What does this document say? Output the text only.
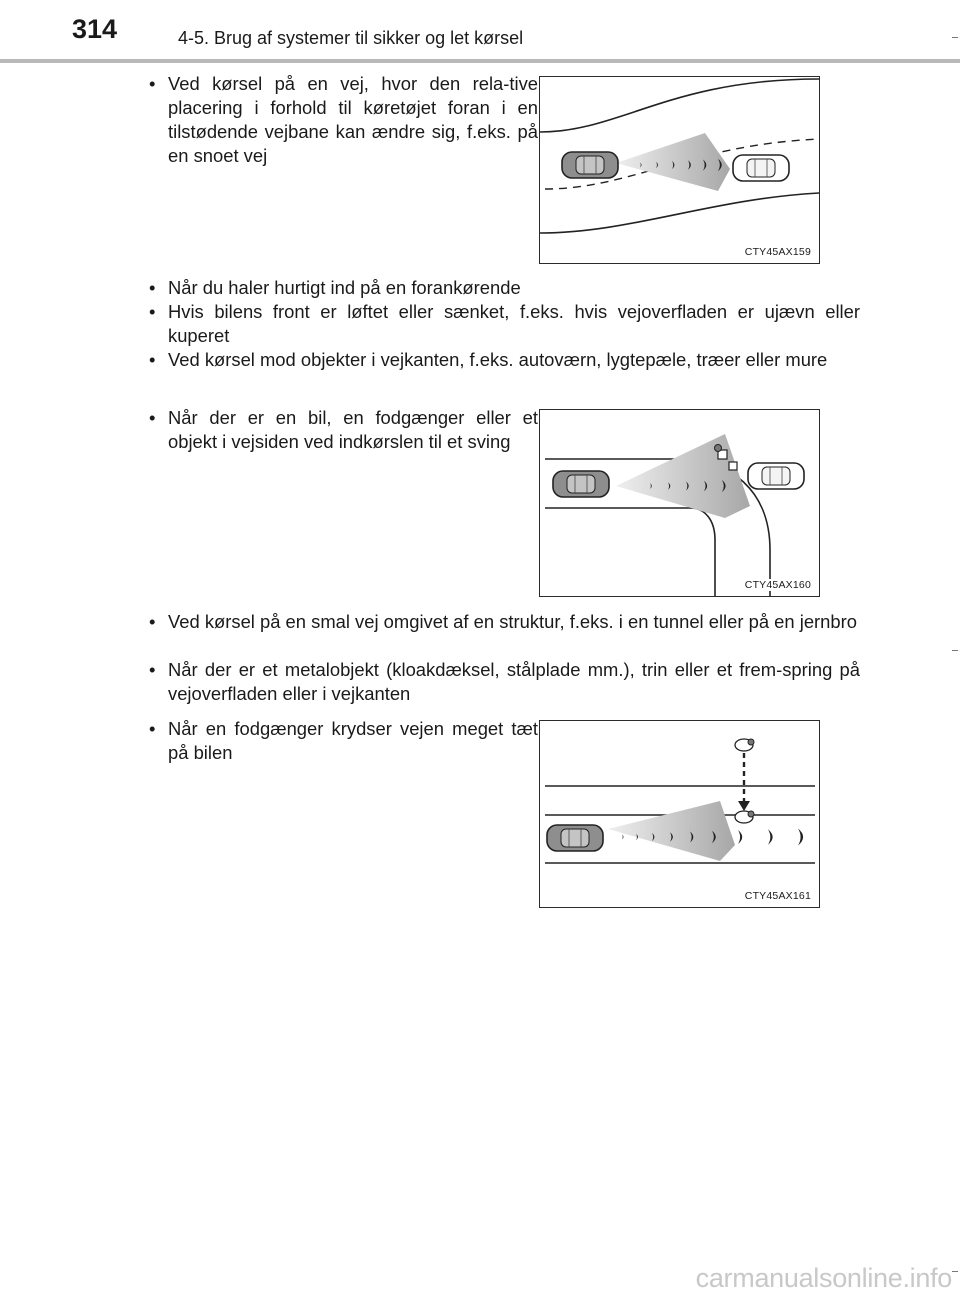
314	4-5. Brug af systemer til sikker og let kørsel
• Ved kørsel på en vej, hvor den rela-tive placering i forhold til køretøjet foran i en tilstødende vejbane kan ændre sig, f.eks. på en snoet vej
• Når du haler hurtigt ind på en forankørende
• Hvis bilens front er løftet eller sænket, f.eks. hvis vejoverfladen er ujævn eller kuperet
• Ved kørsel mod objekter i vejkanten, f.eks. autoværn, lygtepæle, træer eller mure
• Når der er en bil, en fodgænger eller et objekt i vejsiden ved indkørslen til et sving
• Ved kørsel på en smal vej omgivet af en struktur, f.eks. i en tunnel eller på en jernbro
• Når der er et metalobjekt (kloakdæksel, stålplade mm.), trin eller et frem-spring på vejoverfladen eller i vejkanten
• Når en fodgænger krydser vejen meget tæt på bilen
CTY45AX159
CTY45AX160
CTY45AX161
carmanualsonline.info
